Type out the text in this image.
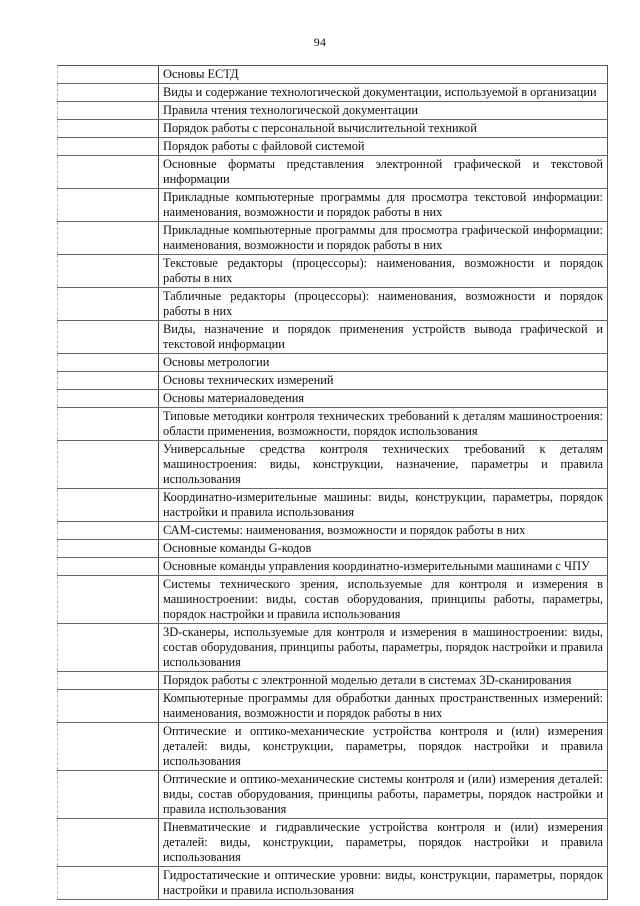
94
Основы ЕСТД
Виды и содержание технологической документации, используемой в организации
Правила чтения технологической документации
Порядок работы с персональной вычислительной техникой
Порядок работы с файловой системой
Основные форматы представления электронной графической и текстовой информации
Прикладные компьютерные программы для просмотра текстовой информации: наименования, возможности и порядок работы в них
Прикладные компьютерные программы для просмотра графической информации: наименования, возможности и порядок работы в них
Текстовые редакторы (процессоры): наименования, возможности и порядок работы в них
Табличные редакторы (процессоры): наименования, возможности и порядок работы в них
Виды, назначение и порядок применения устройств вывода графической и текстовой информации
Основы метрологии
Основы технических измерений
Основы материаловедения
Типовые методики контроля технических требований к деталям машиностроения: области применения, возможности, порядок использования
Универсальные средства контроля технических требований к деталям машиностроения: виды, конструкции, назначение, параметры и правила использования
Координатно-измерительные машины: виды, конструкции, параметры, порядок настройки и правила использования
САМ-системы: наименования, возможности и порядок работы в них
Основные команды G-кодов
Основные команды управления координатно-измерительными машинами с ЧПУ
Системы технического зрения, используемые для контроля и измерения в машиностроении: виды, состав оборудования, принципы работы, параметры, порядок настройки и правила использования
3D-сканеры, используемые для контроля и измерения в машиностроении: виды, состав оборудования, принципы работы, параметры, порядок настройки и правила использования
Порядок работы с электронной моделью детали в системах 3D-сканирования
Компьютерные программы для обработки данных пространственных измерений: наименования, возможности и порядок работы в них
Оптические и оптико-механические устройства контроля и (или) измерения деталей: виды, конструкции, параметры, порядок настройки и правила использования
Оптические и оптико-механические системы контроля и (или) измерения деталей: виды, состав оборудования, принципы работы, параметры, порядок настройки и правила использования
Пневматические и гидравлические устройства контроля и (или) измерения деталей: виды, конструкции, параметры, порядок настройки и правила использования
Гидростатические и оптические уровни: виды, конструкции, параметры, порядок настройки и правила использования
